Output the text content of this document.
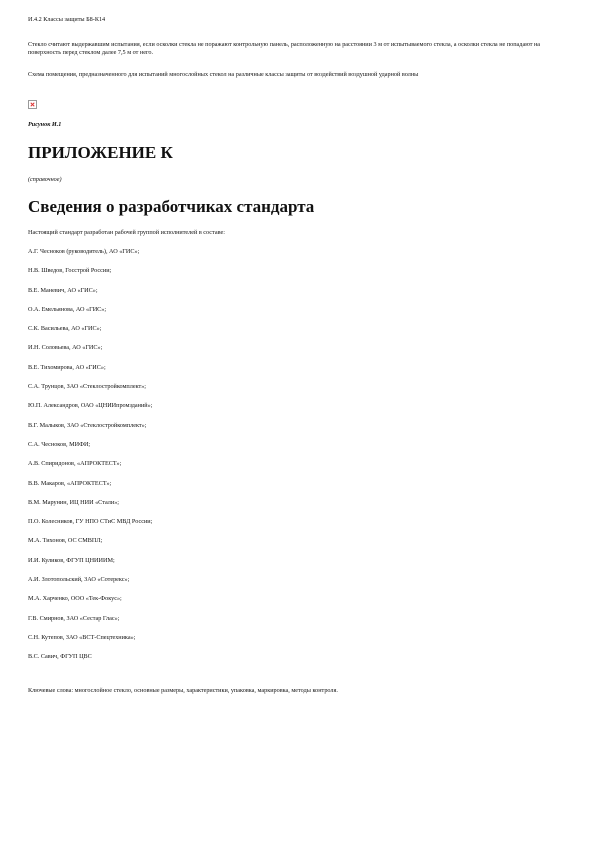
И.4.2 Классы защиты Б8-К14
Стекло считают выдержавшим испытания, если осколки стекла не поражают контрольную панель, расположенную на расстоянии 3 м от испытываемого стекла, а осколки стекла не попадают на поверхность перед стеклом далее 7,5 м от него.
Схема помещения, предназначенного для испытаний многослойных стекол на различные классы защиты от воздействий воздушной ударной волны
Рисунок И.1
ПРИЛОЖЕНИЕ К
(справочное)
Сведения о разработчиках стандарта
Настоящий стандарт разработан рабочей группой исполнителей в составе:
А.Г. Чесноков (руководитель), АО «ГИС»;
Н.В. Шведов, Госстрой России;
В.Е. Маневич, АО «ГИС»;
О.А. Емельянова, АО «ГИС»;
С.К. Васильева, АО «ГИС»;
И.Н. Соловьева, АО «ГИС»;
В.Е. Тихомирова, АО «ГИС»;
С.А. Трунцов, ЗАО «Стеклостройкомплект»;
Ю.П. Александров, ОАО «ЦНИИпромзданий»;
В.Г. Малыков, ЗАО «Стеклостройкомплект»;
С.А. Чесноков, МИФИ;
А.В. Спиридонов, «АПРОКТЕСТ»;
В.В. Макаров, «АПРОКТЕСТ»;
В.М. Марунин, ИЦ НИИ «Стали»;
П.О. Колесников, ГУ НПО СТиС МВД России;
М.А. Тихонов, ОС СМВПЛ;
И.И. Куликов, ФГУП ЦНИИИМ;
А.И. Злотопольский, ЗАО «Сотерекс»;
М.А. Харченко, ООО «Тек-Фокус»;
Г.В. Смирнов, ЗАО «Сестар Глас»;
С.Н. Кутепов, ЗАО «ВСТ-Спецтехника»;
В.С. Савич, ФГУП ЦВС
Ключевые слова: многослойное стекло, основные размеры, характеристики, упаковка, маркировка, методы контроля.
